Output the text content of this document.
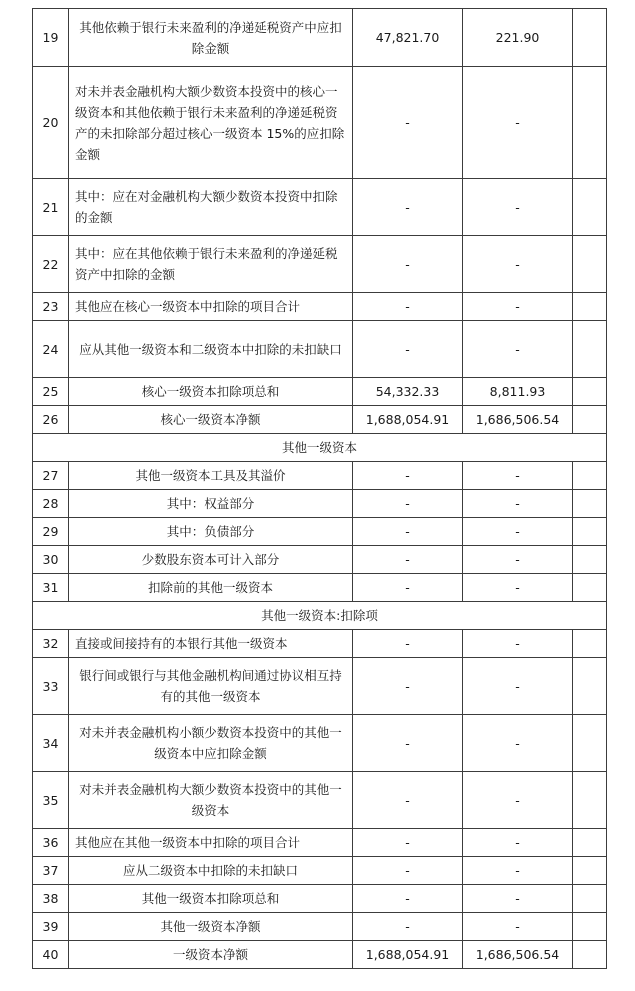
19	其他依赖于银行未来盈利的净递延税资产中应扣除金额	47,821.70	221.90	
20	对未并表金融机构大额少数资本投资中的核心一级资本和其他依赖于银行未来盈利的净递延税资产的未扣除部分超过核心一级资本 15%的应扣除金额	-	-	
21	其中：应在对金融机构大额少数资本投资中扣除的金额	-	-	
22	其中：应在其他依赖于银行未来盈利的净递延税资产中扣除的金额	-	-	
23	其他应在核心一级资本中扣除的项目合计	-	-	
24	应从其他一级资本和二级资本中扣除的未扣缺口	-	-	
25	核心一级资本扣除项总和	54,332.33	8,811.93	
26	核心一级资本净额	1,688,054.91	1,686,506.54	
其他一级资本				
27	其他一级资本工具及其溢价	-	-	
28	其中：权益部分	-	-	
29	其中：负债部分	-	-	
30	少数股东资本可计入部分	-	-	
31	扣除前的其他一级资本	-	-	
其他一级资本:扣除项				
32	直接或间接持有的本银行其他一级资本	-	-	
33	银行间或银行与其他金融机构间通过协议相互持有的其他一级资本	-	-	
34	对未并表金融机构小额少数资本投资中的其他一级资本中应扣除金额	-	-	
35	对未并表金融机构大额少数资本投资中的其他一级资本	-	-	
36	其他应在其他一级资本中扣除的项目合计	-	-	
37	应从二级资本中扣除的未扣缺口	-	-	
38	其他一级资本扣除项总和	-	-	
39	其他一级资本净额	-	-	
40	一级资本净额	1,688,054.91	1,686,506.54	
